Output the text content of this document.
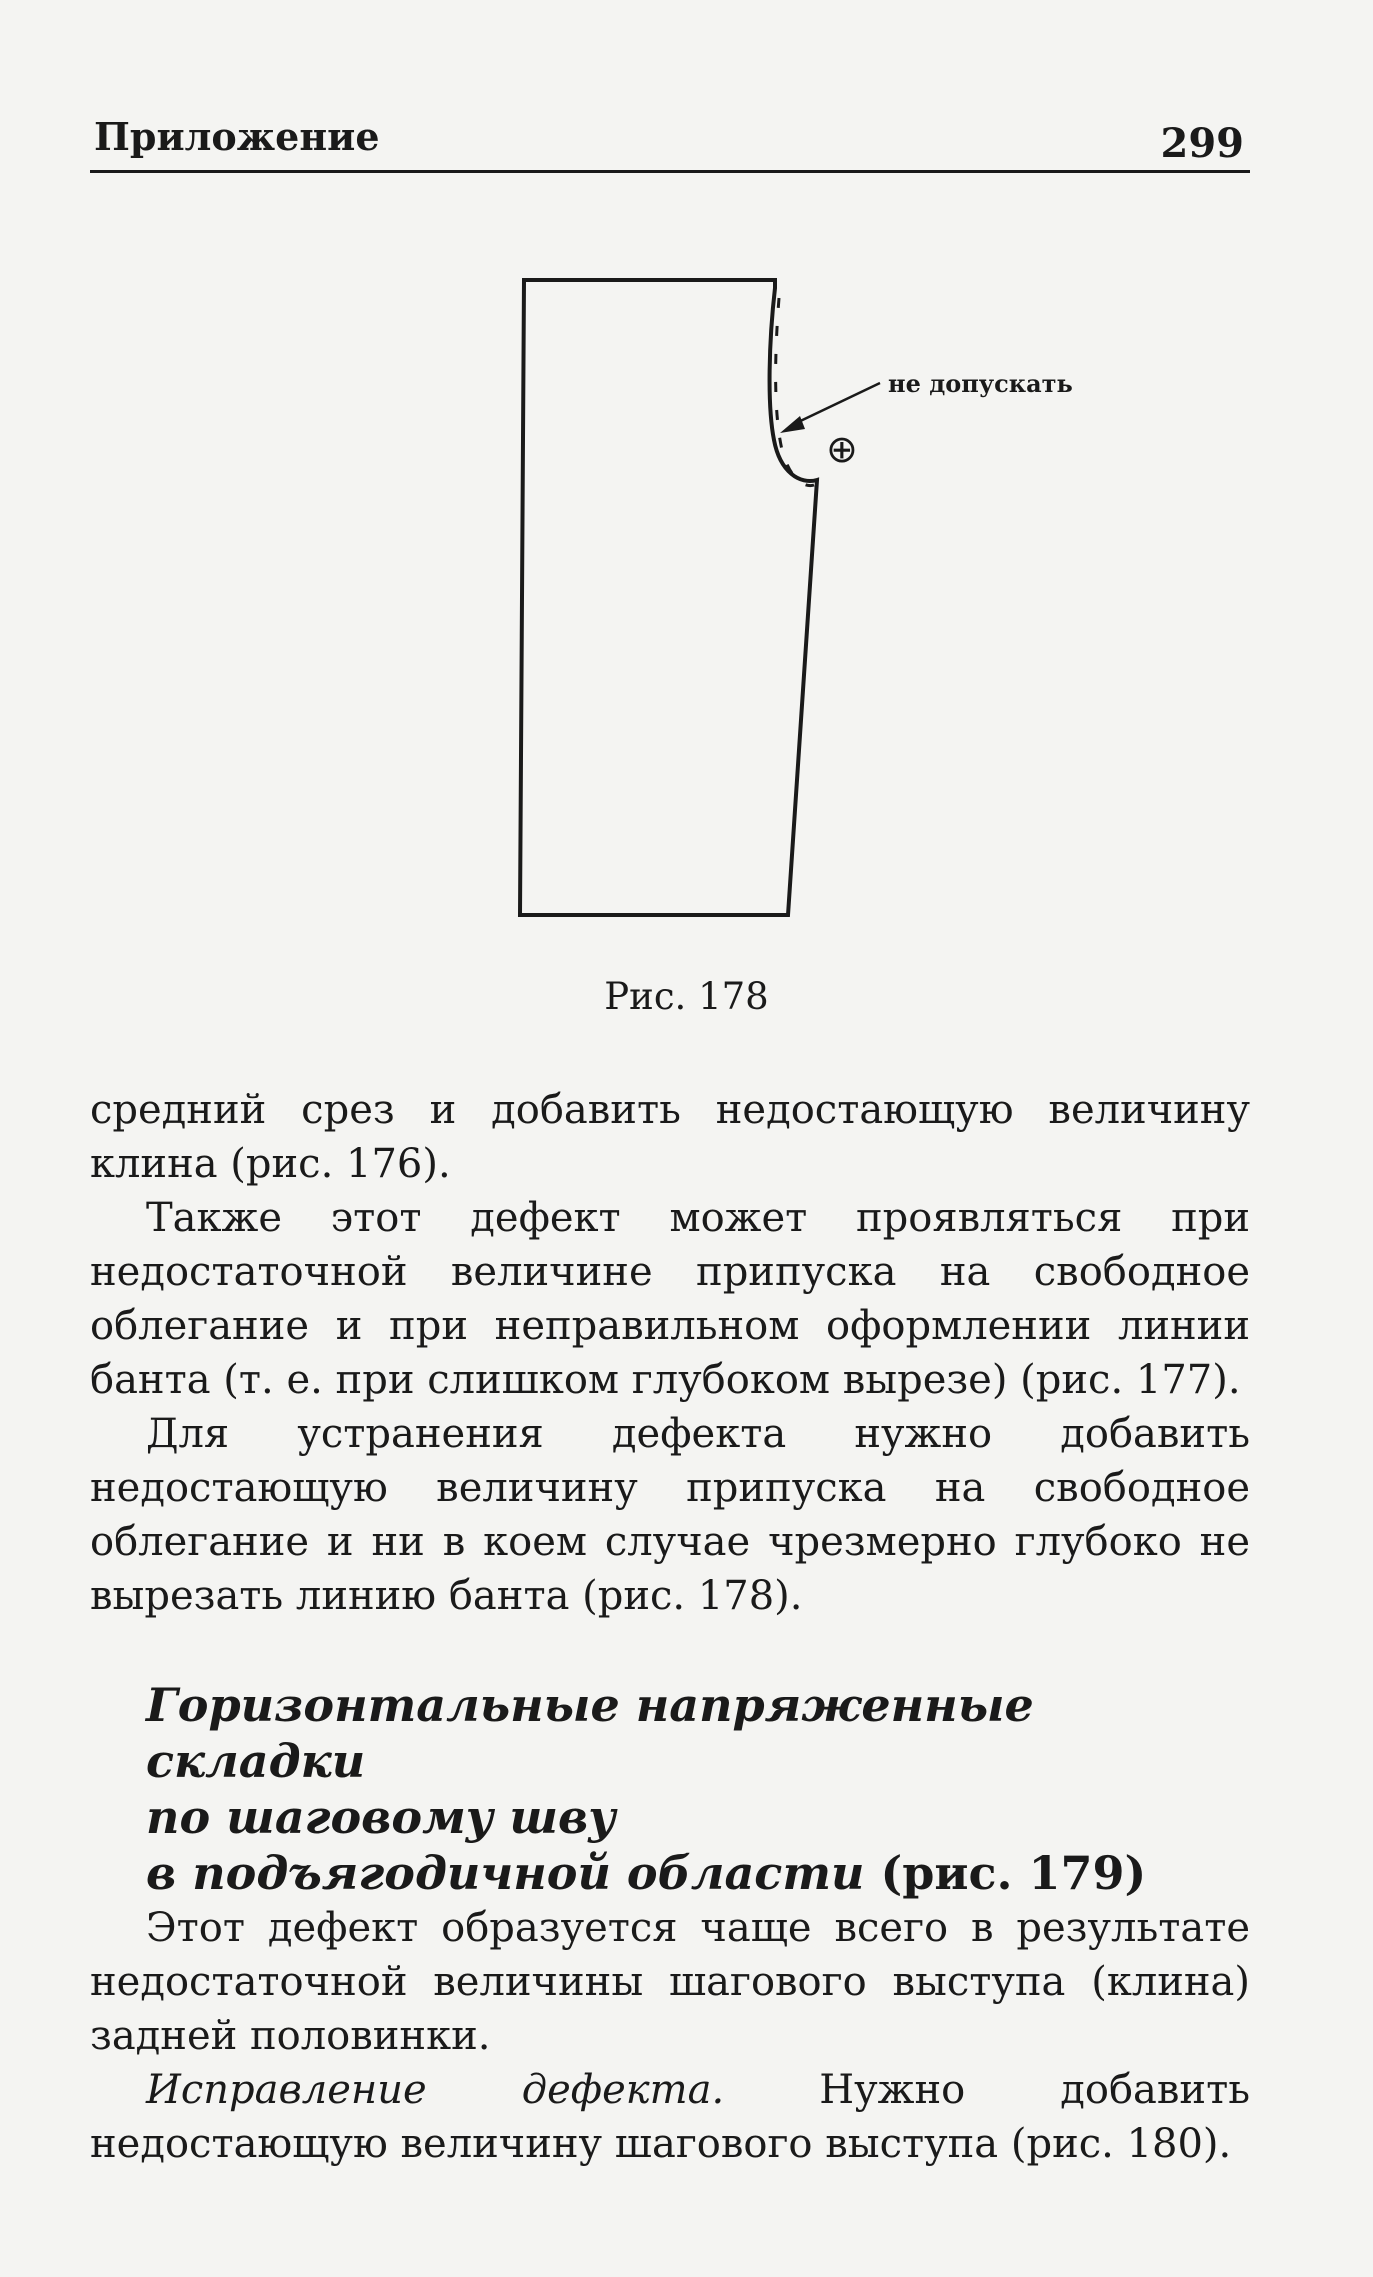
Приложение	299
не допускать
⊕
Рис. 178

средний срез и добавить недостающую величину клина (рис. 176).

Также этот дефект может проявляться при недостаточной величине припуска на свободное облегание и при неправильном оформлении линии банта (т. е. при слишком глубоком вырезе) (рис. 177).

Для устранения дефекта нужно добавить недостающую величину припуска на свободное облегание и ни в коем случае чрезмерно глубоко не вырезать линию банта (рис. 178).

Горизонтальные напряженные складки
по шаговому шву
в подъягодичной области (рис. 179)

Этот дефект образуется чаще всего в результате недостаточной величины шагового выступа (клина) задней половинки.

Исправление дефекта. Нужно добавить недостающую величину шагового выступа (рис. 180).
